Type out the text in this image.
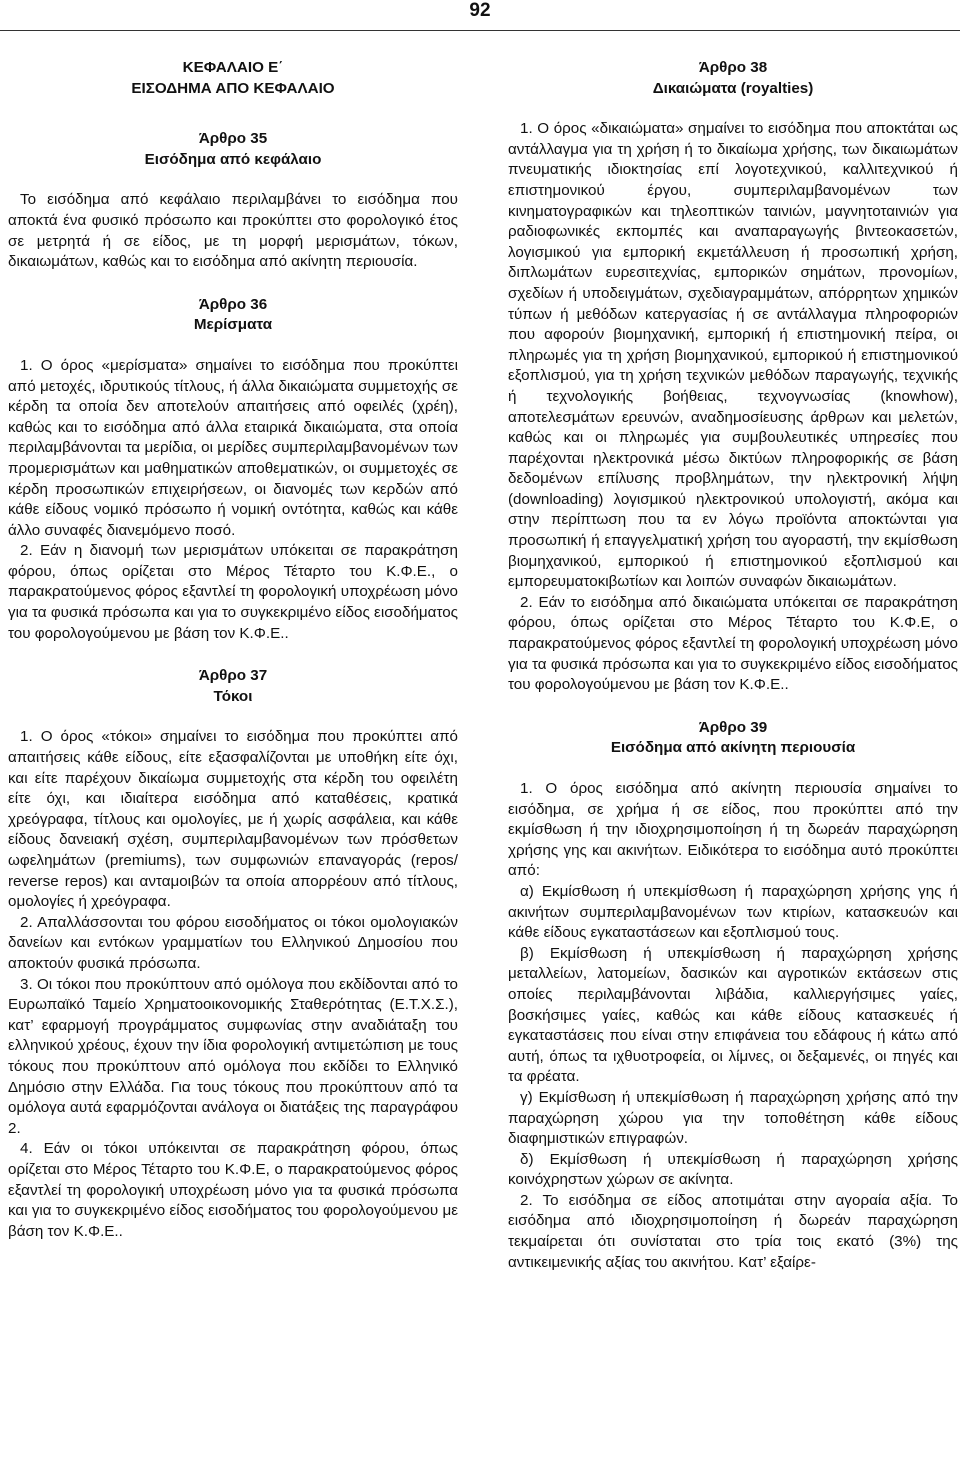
92
ΚΕΦΑΛΑΙΟ Ε΄
ΕΙΣΟΔΗΜΑ ΑΠΟ ΚΕΦΑΛΑΙΟ
Άρθρο 35
Εισόδημα από κεφάλαιο

Το εισόδημα από κεφάλαιο περιλαμβάνει το εισόδημα που αποκτά ένα φυσικό πρόσωπο και προκύπτει στο φορολογικό έτος σε μετρητά ή σε είδος, με τη μορφή μερισμάτων, τόκων, δικαιωμάτων, καθώς και το εισόδημα από ακίνητη περιουσία.

Άρθρο 36
Μερίσματα

1. Ο όρος «μερίσματα» σημαίνει το εισόδημα που προκύπτει από μετοχές, ιδρυτικούς τίτλους, ή άλλα δικαιώματα συμμετοχής σε κέρδη τα οποία δεν αποτελούν απαιτήσεις από οφειλές (χρέη), καθώς και το εισόδημα από άλλα εταιρικά δικαιώματα, στα οποία περιλαμβάνονται τα μερίδια, οι μερίδες συμπεριλαμβανομένων των προμερισμάτων και μαθηματικών αποθεματικών, οι συμμετοχές σε κέρδη προσωπικών επιχειρήσεων, οι διανομές των κερδών από κάθε είδους νομικό πρόσωπο ή νομική οντότητα, καθώς και κάθε άλλο συναφές διανεμόμενο ποσό.

2. Εάν η διανομή των μερισμάτων υπόκειται σε παρακράτηση φόρου, όπως ορίζεται στο Μέρος Τέταρτο του Κ.Φ.Ε., ο παρακρατούμενος φόρος εξαντλεί τη φορολογική υποχρέωση μόνο για τα φυσικά πρόσωπα και για το συγκεκριμένο είδος εισοδήματος του φορολογούμενου με βάση τον Κ.Φ.Ε..

Άρθρο 37
Τόκοι

1. Ο όρος «τόκοι» σημαίνει το εισόδημα που προκύπτει από απαιτήσεις κάθε είδους, είτε εξασφαλίζονται με υποθήκη είτε όχι, και είτε παρέχουν δικαίωμα συμμετοχής στα κέρδη του οφειλέτη είτε όχι, και ιδιαίτερα εισόδημα από καταθέσεις, κρατικά χρεόγραφα, τίτλους και ομολογίες, με ή χωρίς ασφάλεια, και κάθε είδους δανειακή σχέση, συμπεριλαμβανομένων των πρόσθετων ωφελημάτων (premiums), των συμφωνιών επαναγοράς (repos/ reverse repos) και ανταμοιβών τα οποία απορρέουν από τίτλους, ομολογίες ή χρεόγραφα.

2. Απαλλάσσονται του φόρου εισοδήματος οι τόκοι ομολογιακών δανείων και εντόκων γραμματίων του Ελληνικού Δημοσίου που αποκτούν φυσικά πρόσωπα.

3. Οι τόκοι που προκύπτουν από ομόλογα που εκδίδονται από το Ευρωπαϊκό Ταμείο Χρηματοοικονομικής Σταθερότητας (Ε.Τ.Χ.Σ.), κατ’ εφαρμογή προγράμματος συμφωνίας στην αναδιάταξη του ελληνικού χρέους, έχουν την ίδια φορολογική αντιμετώπιση με τους τόκους που προκύπτουν από ομόλογα που εκδίδει το Ελληνικό Δημόσιο στην Ελλάδα. Για τους τόκους που προκύπτουν από τα ομόλογα αυτά εφαρμόζονται ανάλογα οι διατάξεις της παραγράφου 2.

4. Εάν οι τόκοι υπόκεινται σε παρακράτηση φόρου, όπως ορίζεται στο Μέρος Τέταρτο του Κ.Φ.Ε, ο παρακρατούμενος φόρος εξαντλεί τη φορολογική υποχρέωση μόνο για τα φυσικά πρόσωπα και για το συγκεκριμένο είδος εισοδήματος του φορολογούμενου με βάση τον Κ.Φ.Ε..

Άρθρο 38
Δικαιώματα (royalties)

1. Ο όρος «δικαιώματα» σημαίνει το εισόδημα που αποκτάται ως αντάλλαγμα για τη χρήση ή το δικαίωμα χρήσης, των δικαιωμάτων πνευματικής ιδιοκτησίας επί λογοτεχνικού, καλλιτεχνικού ή επιστημονικού έργου, συμπεριλαμβανομένων των κινηματογραφικών και τηλεοπτικών ταινιών, μαγνητοταινιών για ραδιοφωνικές εκπομπές και αναπαραγωγής βιντεοκασετών, λογισμικού για εμπορική εκμετάλλευση ή προσωπική χρήση, διπλωμάτων ευρεσιτεχνίας, εμπορικών σημάτων, προνομίων, σχεδίων ή υποδειγμάτων, σχεδιαγραμμάτων, απόρρητων χημικών τύπων ή μεθόδων κατεργασίας ή σε αντάλλαγμα πληροφοριών που αφορούν βιομηχανική, εμπορική ή επιστημονική πείρα, οι πληρωμές για τη χρήση βιομηχανικού, εμπορικού ή επιστημονικού εξοπλισμού, για τη χρήση τεχνικών μεθόδων παραγωγής, τεχνικής ή τεχνολογικής βοήθειας, τεχνογνωσίας (knowhow), αποτελεσμάτων ερευνών, αναδημοσίευσης άρθρων και μελετών, καθώς και οι πληρωμές για συμβουλευτικές υπηρεσίες που παρέχονται ηλεκτρονικά μέσω δικτύων πληροφορικής σε βάση δεδομένων επίλυσης προβλημάτων, την ηλεκτρονική λήψη (downloading) λογισμικού ηλεκτρονικού υπολογιστή, ακόμα και στην περίπτωση που τα εν λόγω προϊόντα αποκτώνται για προσωπική ή επαγγελματική χρήση του αγοραστή, την εκμίσθωση βιομηχανικού, εμπορικού ή επιστημονικού εξοπλισμού και εμπορευματοκιβωτίων και λοιπών συναφών δικαιωμάτων.

2. Εάν το εισόδημα από δικαιώματα υπόκειται σε παρακράτηση φόρου, όπως ορίζεται στο Μέρος Τέταρτο του Κ.Φ.Ε, ο παρακρατούμενος φόρος εξαντλεί τη φορολογική υποχρέωση μόνο για τα φυσικά πρόσωπα και για το συγκεκριμένο είδος εισοδήματος του φορολογούμενου με βάση τον Κ.Φ.Ε..

Άρθρο 39
Εισόδημα από ακίνητη περιουσία

1. Ο όρος εισόδημα από ακίνητη περιουσία σημαίνει το εισόδημα, σε χρήμα ή σε είδος, που προκύπτει από την εκμίσθωση ή την ιδιοχρησιμοποίηση ή τη δωρεάν παραχώρηση χρήσης γης και ακινήτων. Ειδικότερα το εισόδημα αυτό προκύπτει από:

α) Εκμίσθωση ή υπεκμίσθωση ή παραχώρηση χρήσης γης ή ακινήτων συμπεριλαμβανομένων των κτιρίων, κατασκευών και κάθε είδους εγκαταστάσεων και εξοπλισμού τους.

β) Εκμίσθωση ή υπεκμίσθωση ή παραχώρηση χρήσης μεταλλείων, λατομείων, δασικών και αγροτικών εκτάσεων στις οποίες περιλαμβάνονται λιβάδια, καλλιεργήσιμες γαίες, βοσκήσιμες γαίες, καθώς και κάθε είδους κατασκευές ή εγκαταστάσεις που είναι στην επιφάνεια του εδάφους ή κάτω από αυτή, όπως τα ιχθυοτροφεία, οι λίμνες, οι δεξαμενές, οι πηγές και τα φρέατα.

γ) Εκμίσθωση ή υπεκμίσθωση ή παραχώρηση χρήσης από την παραχώρηση χώρου για την τοποθέτηση κάθε είδους διαφημιστικών επιγραφών.

δ) Εκμίσθωση ή υπεκμίσθωση ή παραχώρηση χρήσης κοινόχρηστων χώρων σε ακίνητα.

2. Το εισόδημα σε είδος αποτιμάται στην αγοραία αξία. Το εισόδημα από ιδιοχρησιμοποίηση ή δωρεάν παραχώρηση τεκμαίρεται ότι συνίσταται στο τρία τοις εκατό (3%) της αντικειμενικής αξίας του ακινήτου. Κατ’ εξαίρε-
